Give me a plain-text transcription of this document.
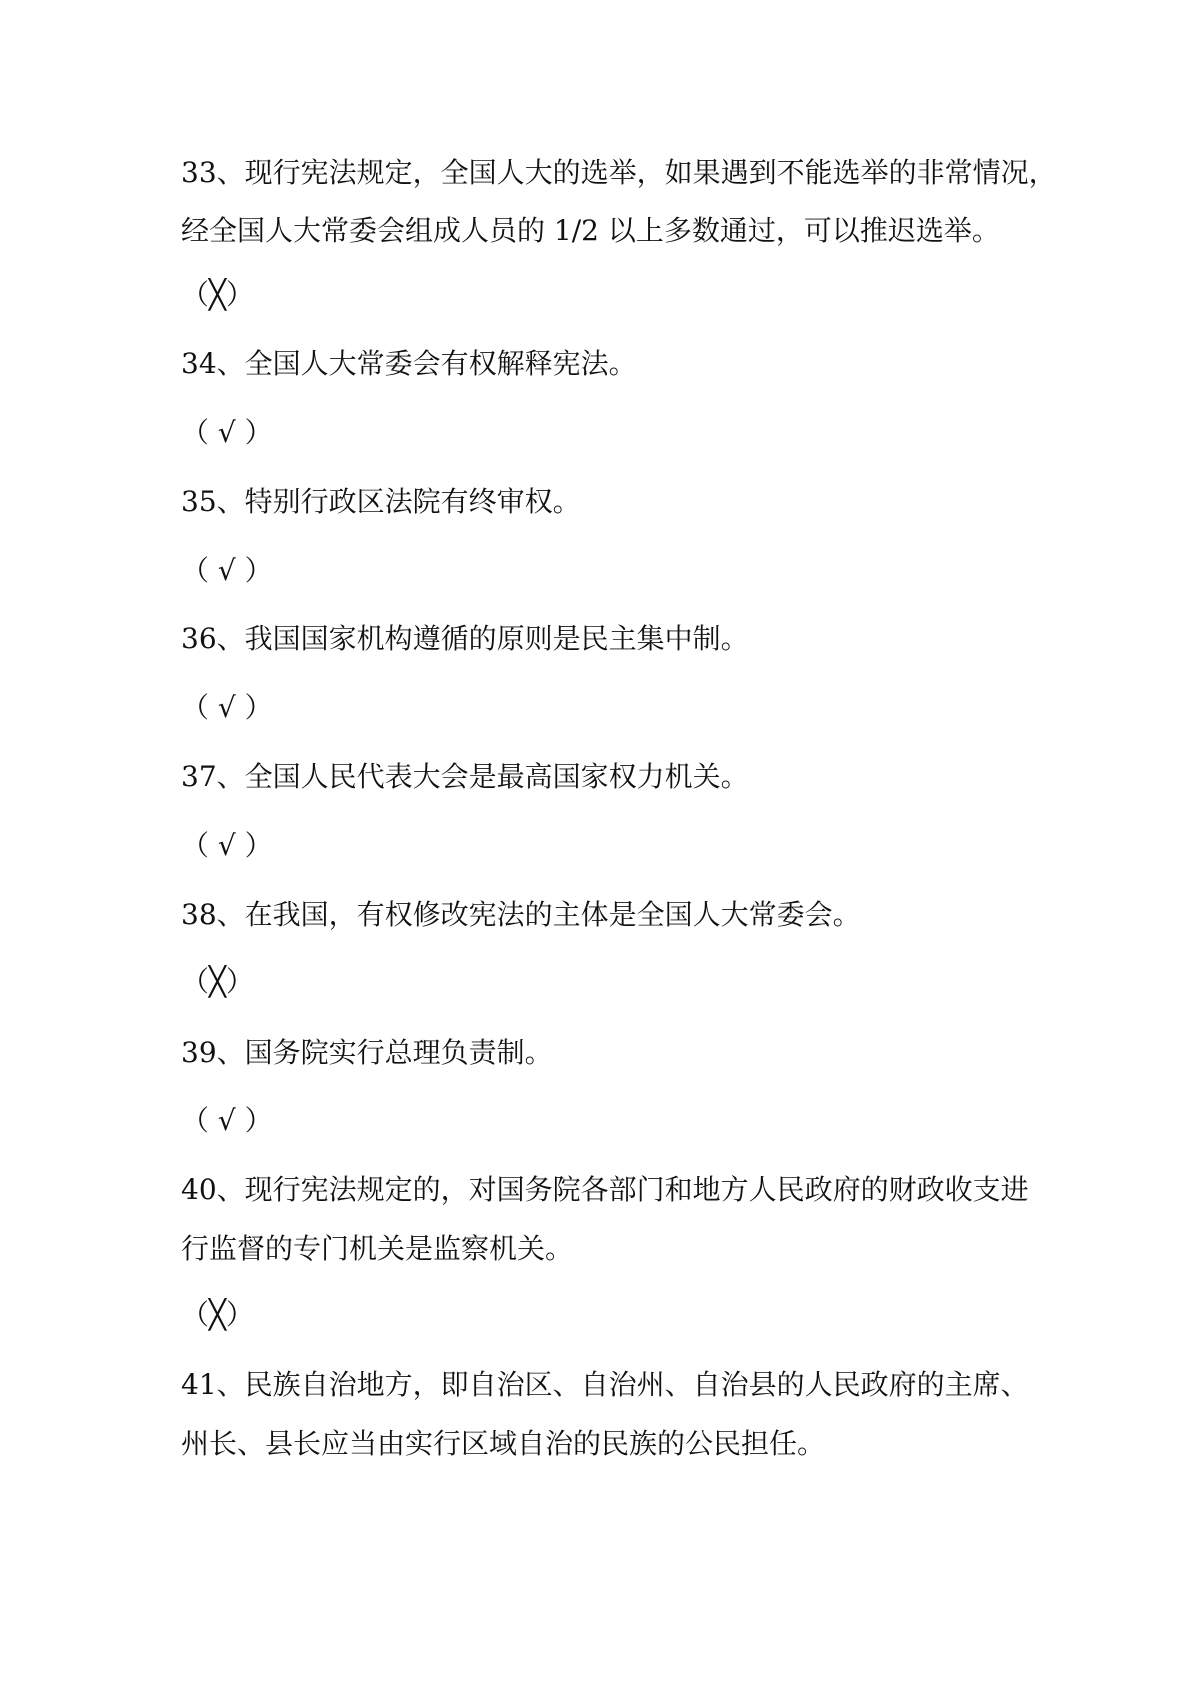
33、现行宪法规定，全国人大的选举，如果遇到不能选举的非常情况，
经全国人大常委会组成人员的 1/2 以上多数通过，可以推迟选举。
（╳）
34、全国人大常委会有权解释宪法。
（ √ ）
35、特别行政区法院有终审权。
（ √ ）
36、我国国家机构遵循的原则是民主集中制。
（ √ ）
37、全国人民代表大会是最高国家权力机关。
（ √ ）
38、在我国，有权修改宪法的主体是全国人大常委会。
（╳）
39、国务院实行总理负责制。
（ √ ）
40、现行宪法规定的，对国务院各部门和地方人民政府的财政收支进
行监督的专门机关是监察机关。
（╳）
41、民族自治地方，即自治区、自治州、自治县的人民政府的主席、
州长、县长应当由实行区域自治的民族的公民担任。
